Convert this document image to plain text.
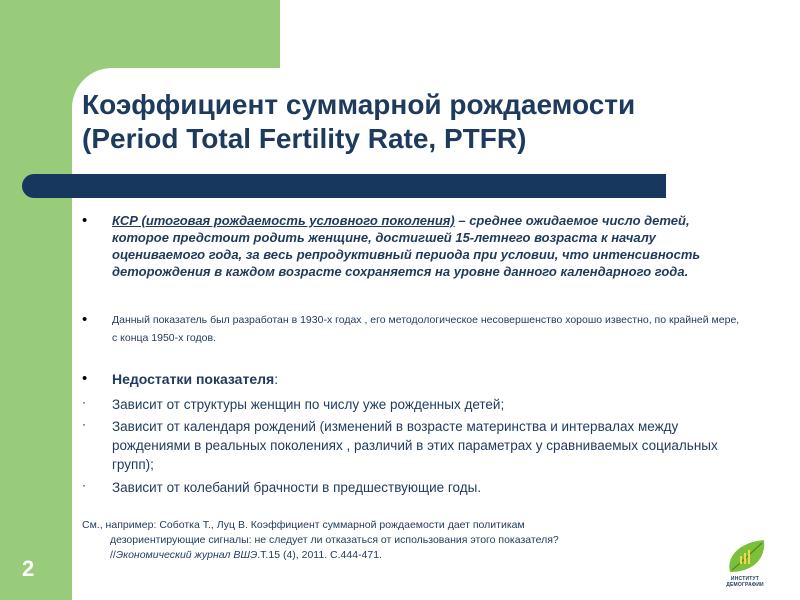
Коэффициент суммарной рождаемости
(Period Total Fertility Rate, PTFR)
• КСР (итоговая рождаемость условного поколения) – среднее ожидаемое число детей, которое предстоит родить женщине, достигшей 15-летнего возраста к началу оцениваемого года, за весь репродуктивный периода при условии, что интенсивность деторождения в каждом возрасте сохраняется на уровне данного календарного года.
• Данный показатель был разработан в 1930-х годах , его методологическое несовершенство хорошо известно, по крайней мере, с конца 1950-х годов.
• Недостатки показателя:
· Зависит от структуры женщин по числу уже рожденных детей;
· Зависит от календаря рождений (изменений в возрасте материнства и интервалах между рождениями в реальных поколениях , различий в этих параметрах у сравниваемых социальных групп);
· Зависит от колебаний брачности в предшествующие годы.
См., например: Соботка Т., Луц В. Коэффициент суммарной рождаемости дает политикам
дезориентирующие сигналы: не следует ли отказаться от использования этого показателя?
//Экономический журнал ВШЭ.Т.15 (4), 2011. С.444-471.
2	ИНСТИТУТ ДЕМОГРАФИИ
